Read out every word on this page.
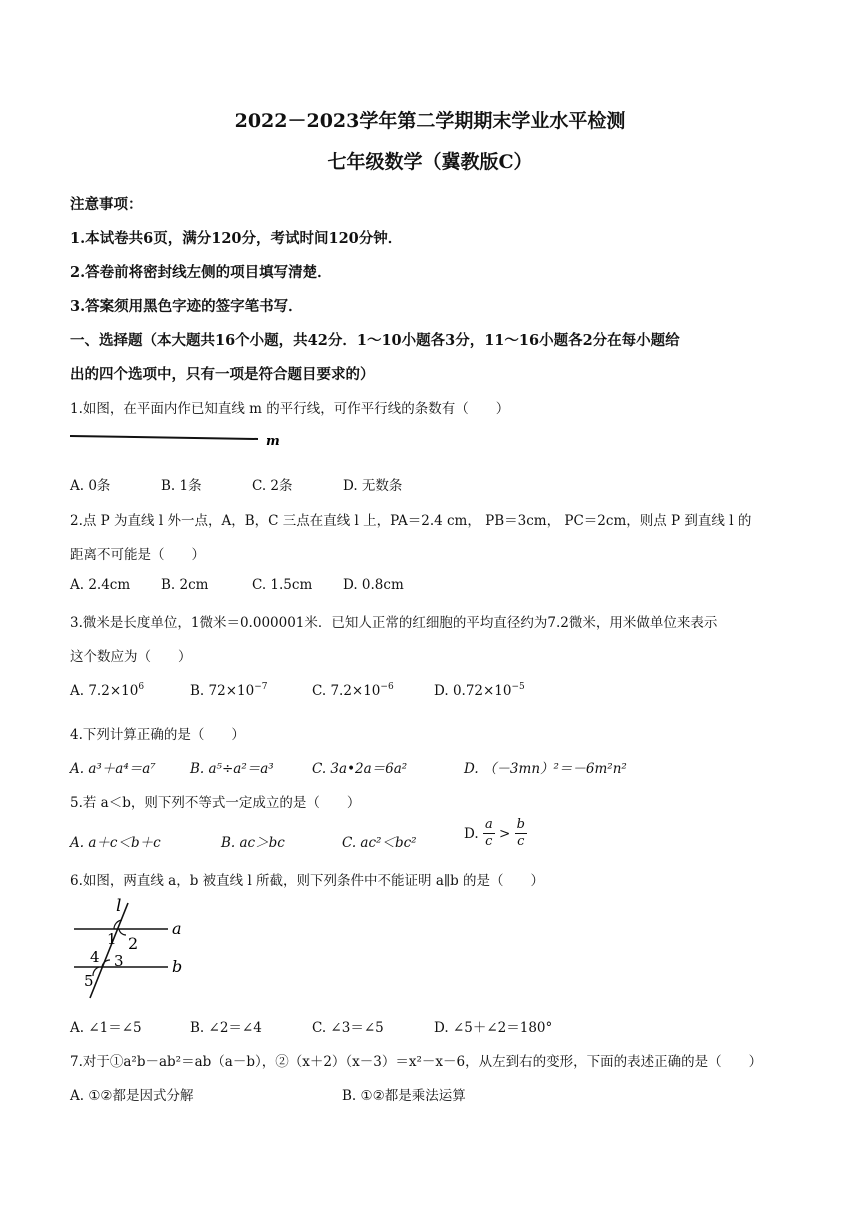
2022－2023学年第二学期期末学业水平检测
七年级数学（冀教版C）
注意事项：
1.本试卷共6页，满分120分，考试时间120分钟．
2.答卷前将密封线左侧的项目填写清楚．
3.答案须用黑色字迹的签字笔书写．
一、选择题（本大题共16个小题，共42分．1～10小题各3分，11～16小题各2分在每小题给
出的四个选项中，只有一项是符合题目要求的）
1.如图，在平面内作已知直线 m 的平行线，可作平行线的条数有（　　）
m
A. 0条	B. 1条	C. 2条	D. 无数条
2.点 P 为直线 l 外一点，A，B，C 三点在直线 l 上，PA＝2.4 cm， PB＝3cm， PC＝2cm，则点 P 到直线 l 的
距离不可能是（　　）
A. 2.4cm B. 2cm	C. 1.5cm D. 0.8cm
3.微米是长度单位，1微米＝0.000001米．已知人正常的红细胞的平均直径约为7.2微米，用米做单位来表示
这个数应为（　　）
A. $7.2\times 10^6$	B. $72\times 10^{-7}$	C. $7.2\times 10^{-6}$	D. $0.72\times 10^{-5}$
4.下列计算正确的是（　　）
A. a³＋a⁴＝a⁷	B. a⁵÷a²＝a³	C. 3a•2a＝6a²	D. （－3mn）²＝－6m²n²
5.若 a＜b，则下列不等式一定成立的是（　　）
A. a＋c＜b＋c	B. ac＞bc	C. ac²＜bc²
D. $\frac{a}{c} > \frac{b}{c}$
6.如图，两直线 a，b 被直线 l 所截，则下列条件中不能证明 a∥b 的是（　　）
l
a
b
1 2
3
4
5
A. ∠1＝∠5	B. ∠2＝∠4	C. ∠3＝∠5	D. ∠5＋∠2＝180°
7.对于①a²b－ab²＝ab（a－b），②（x＋2）（x－3）＝x²－x－6，从左到右的变形，下面的表述正确的是（　　）
A. ①②都是因式分解	B. ①②都是乘法运算
